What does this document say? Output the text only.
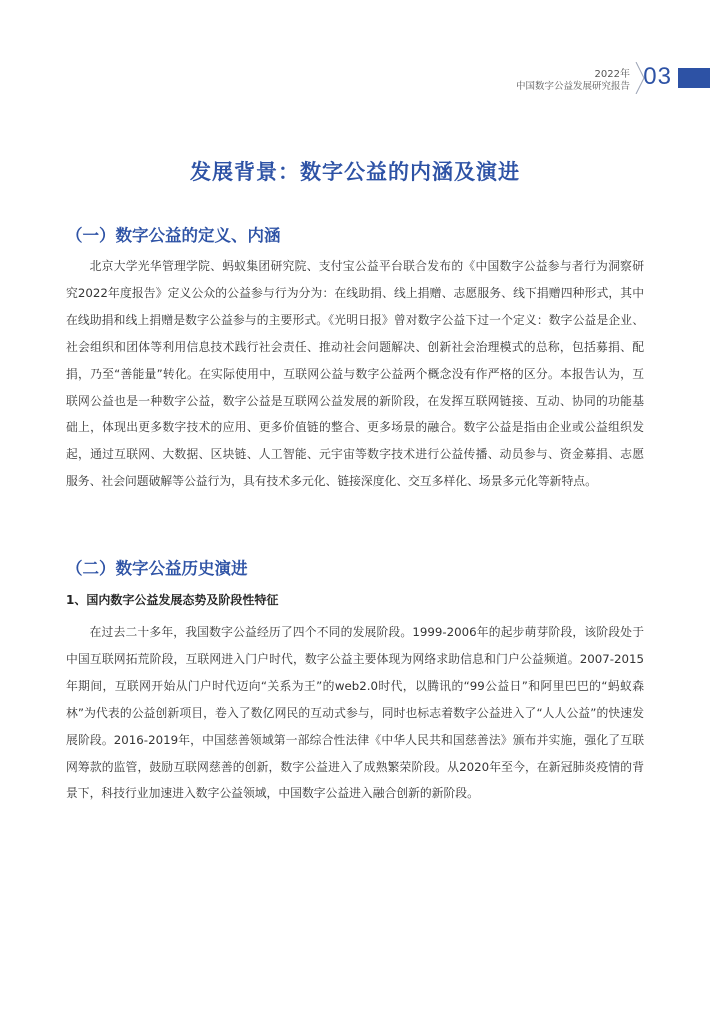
2022年
中国数字公益发展研究报告 03
发展背景：数字公益的内涵及演进
（一）数字公益的定义、内涵

北京大学光华管理学院、蚂蚁集团研究院、支付宝公益平台联合发布的《中国数字公益参与者行为洞察研究2022年度报告》定义公众的公益参与行为分为：在线助捐、线上捐赠、志愿服务、线下捐赠四种形式，其中在线助捐和线上捐赠是数字公益参与的主要形式。《光明日报》曾对数字公益下过一个定义：数字公益是企业、社会组织和团体等利用信息技术践行社会责任、推动社会问题解决、创新社会治理模式的总称，包括募捐、配捐，乃至“善能量”转化。在实际使用中，互联网公益与数字公益两个概念没有作严格的区分。本报告认为，互联网公益也是一种数字公益，数字公益是互联网公益发展的新阶段，在发挥互联网链接、互动、协同的功能基础上，体现出更多数字技术的应用、更多价值链的整合、更多场景的融合。数字公益是指由企业或公益组织发起，通过互联网、大数据、区块链、人工智能、元宇宙等数字技术进行公益传播、动员参与、资金募捐、志愿服务、社会问题破解等公益行为，具有技术多元化、链接深度化、交互多样化、场景多元化等新特点。

（二）数字公益历史演进
1、国内数字公益发展态势及阶段性特征

在过去二十多年，我国数字公益经历了四个不同的发展阶段。1999-2006年的起步萌芽阶段，该阶段处于中国互联网拓荒阶段，互联网进入门户时代，数字公益主要体现为网络求助信息和门户公益频道。2007-2015年期间，互联网开始从门户时代迈向“关系为王”的web2.0时代，以腾讯的“99公益日”和阿里巴巴的“蚂蚁森林”为代表的公益创新项目，卷入了数亿网民的互动式参与，同时也标志着数字公益进入了“人人公益”的快速发展阶段。2016-2019年，中国慈善领域第一部综合性法律《中华人民共和国慈善法》颁布并实施，强化了互联网筹款的监管，鼓励互联网慈善的创新，数字公益进入了成熟繁荣阶段。从2020年至今，在新冠肺炎疫情的背景下，科技行业加速进入数字公益领域，中国数字公益进入融合创新的新阶段。
